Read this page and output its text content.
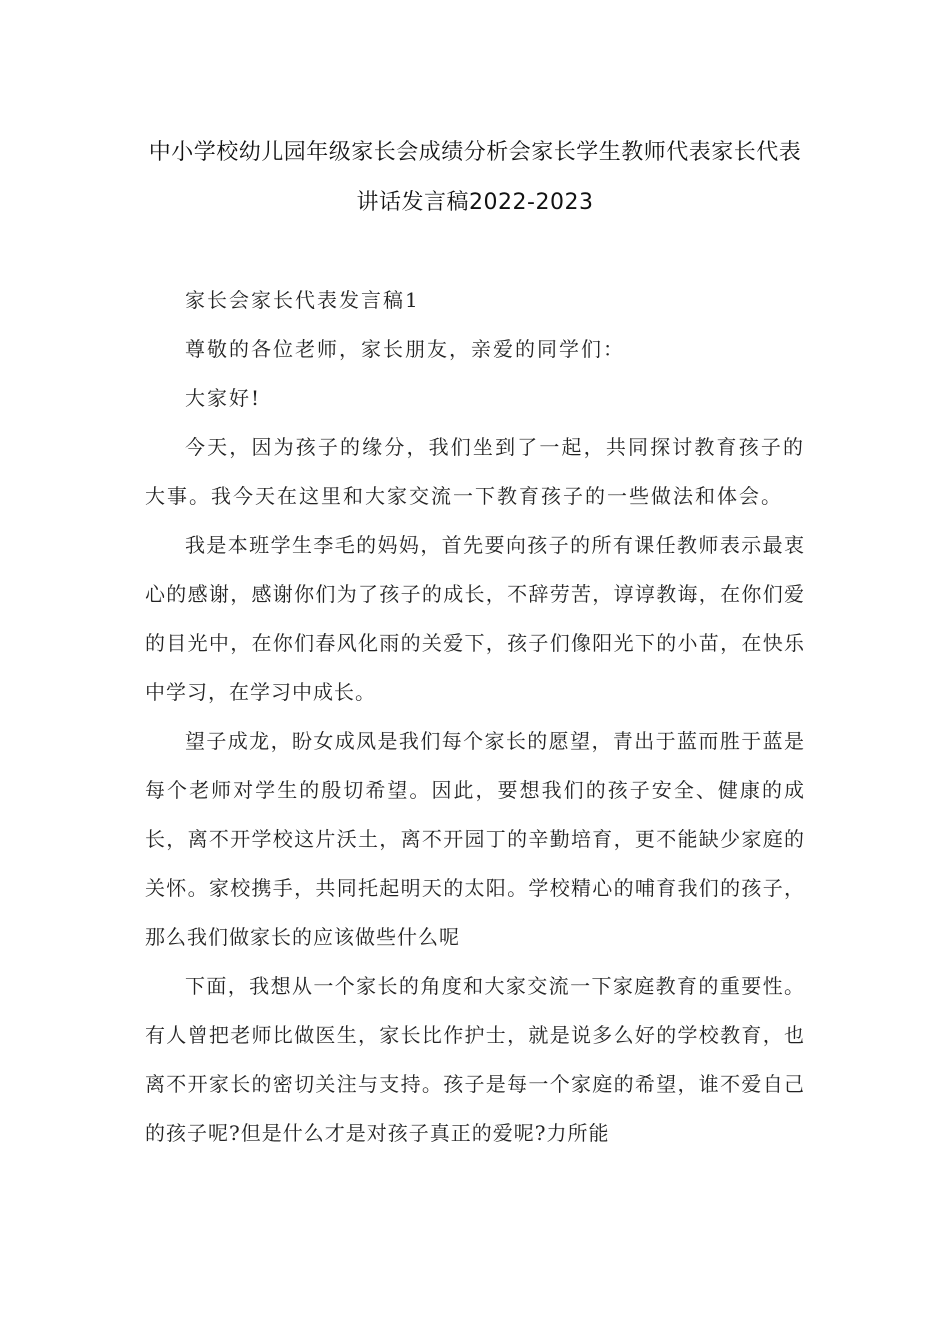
中小学校幼儿园年级家长会成绩分析会家长学生教师代表家长代表
讲话发言稿2022-2023

家长会家长代表发言稿1

尊敬的各位老师，家长朋友，亲爱的同学们：

大家好!

今天，因为孩子的缘分，我们坐到了一起，共同探讨教育孩子的大事。我今天在这里和大家交流一下教育孩子的一些做法和体会。

我是本班学生李毛的妈妈，首先要向孩子的所有课任教师表示最衷心的感谢，感谢你们为了孩子的成长，不辞劳苦，谆谆教诲，在你们爱的目光中，在你们春风化雨的关爱下，孩子们像阳光下的小苗，在快乐中学习，在学习中成长。

望子成龙，盼女成凤是我们每个家长的愿望，青出于蓝而胜于蓝是每个老师对学生的殷切希望。因此，要想我们的孩子安全、健康的成长，离不开学校这片沃土，离不开园丁的辛勤培育，更不能缺少家庭的关怀。家校携手，共同托起明天的太阳。学校精心的哺育我们的孩子，那么我们做家长的应该做些什么呢

下面，我想从一个家长的角度和大家交流一下家庭教育的重要性。有人曾把老师比做医生，家长比作护士，就是说多么好的学校教育，也离不开家长的密切关注与支持。孩子是每一个家庭的希望，谁不爱自己的孩子呢?但是什么才是对孩子真正的爱呢?力所能
